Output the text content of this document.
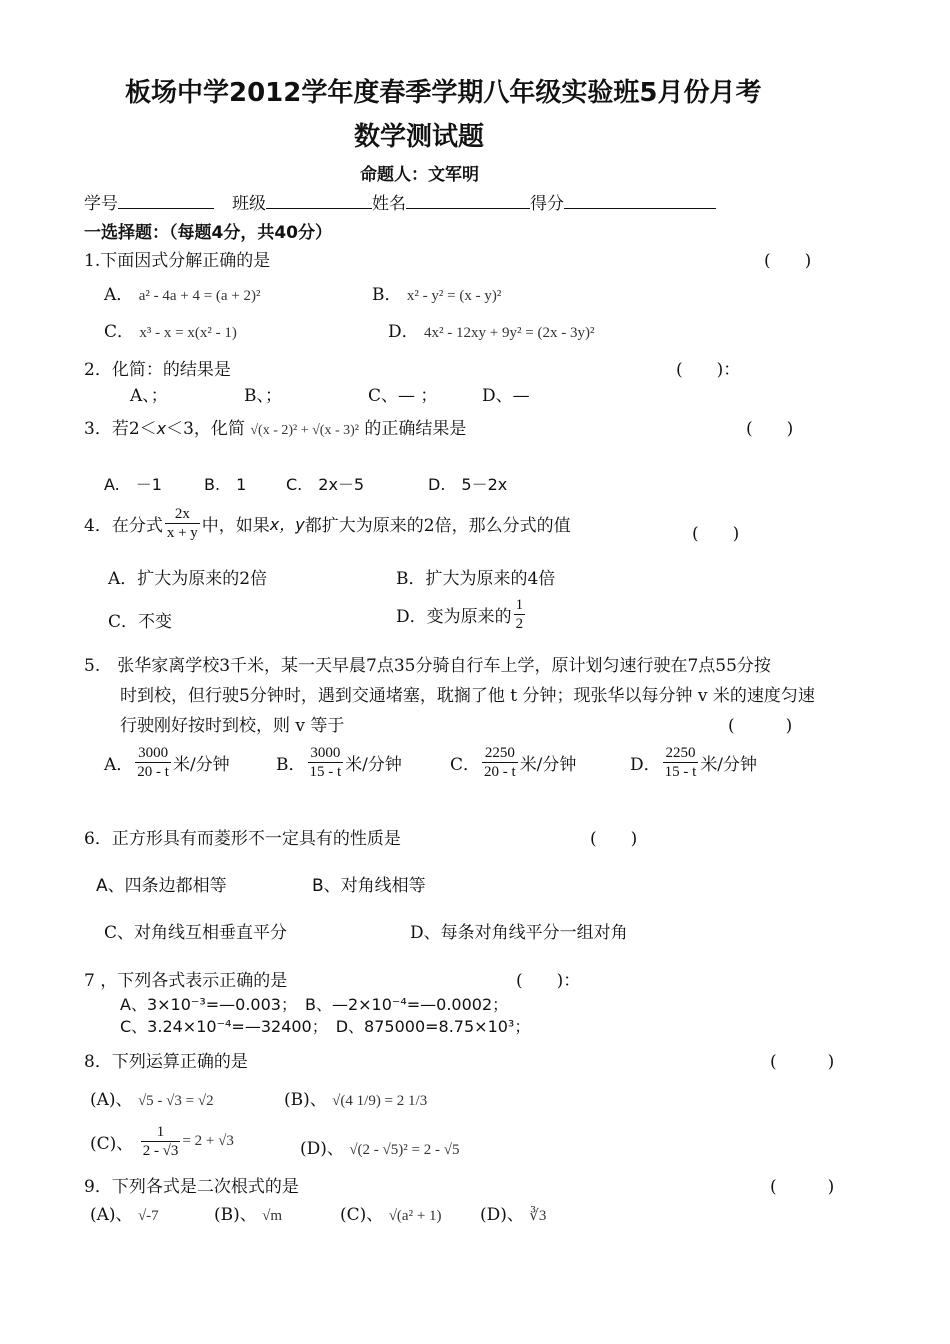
板场中学2012学年度春季学期八年级实验班5月份月考
数学测试题
命题人：文军明
学号	班级	姓名	得分
一选择题：（每题4分，共40分）
1.下面因式分解正确的是	(　　)
A． a² - 4a + 4 = (a + 2)²	B． x² - y² = (x - y)²
C． x³ - x = x(x² - 1)	D． 4x² - 12xy + 9y² = (2x - 3y)²
2．化简：的结果是	(　　)：
A、；	B、；	C、— ；	D、—
3．若2＜x＜3，化简 √(x - 2)² + √(x - 3)² 的正确结果是	(　　)
A.　－1	B.　1 C.　2x－5	D.　5－2x
4．在分式 $\frac{2x}{x + y}$ 中，如果 x，y 都扩大为原来的2倍，那么分式的值	(　　)
A．扩大为原来的2倍	B．扩大为原来的4倍
C．不变	D．变为原来的 $\frac{1}{2}$
5.　张华家离学校3千米，某一天早晨7点35分骑自行车上学，原计划匀速行驶在7点55分按
时到校，但行驶5分钟时，遇到交通堵塞，耽搁了他 t 分钟；现张华以每分钟 v 米的速度匀速
行驶刚好按时到校，则 v 等于	(　　　)
A． $\frac{3000}{20 - t}$ 米/分钟	B． $\frac{3000}{15 - t}$ 米/分钟	C． $\frac{2250}{20 - t}$ 米/分钟	D． $\frac{2250}{15 - t}$ 米/分钟
6．正方形具有而菱形不一定具有的性质是	(　　)
A、四条边都相等	B、对角线相等
C、对角线互相垂直平分	D、每条对角线平分一组对角
7 ，下列各式表示正确的是	(　　)：
A、3×10⁻³=—0.003；　B、—2×10⁻⁴=—0.0002；
C、3.24×10⁻⁴=—32400；　D、875000=8.75×10³；
8．下列运算正确的是	(　　　)
(A)、 √5 - √3 = √2	(B)、 √(4 1/9) = 2 1/3
(C)、
$\frac{1}{2 - √3} = 2 + √3$	(D)、 √(2 - √5)² = 2 - √5
9．下列各式是二次根式的是	(　　　)
(A)、 √-7	(B)、 √m	(C)、 √(a² + 1) (D)、 ∛3
